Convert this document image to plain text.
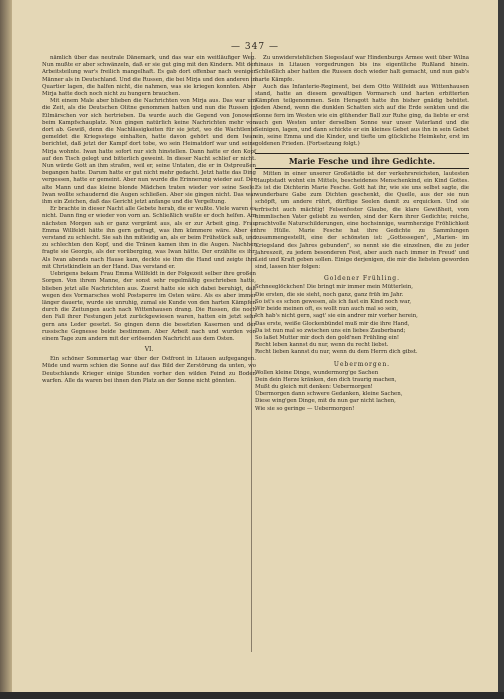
— 347 —

nämlich über das neutrale Dänemark, und das war ein weitläufiger Weg. Nun mußte er aber schwänzeln, daß er sie gut ging mit den Kindern. Mit der Arbeitsteilung war's freilich mangelhaft. Es gab dort offenbar nach weniger Männer als in Deutschland. Und die Russen, die bei Mirja und den anderen in Quartier lagen, die halfen nicht, die nahmen, was sie kriegen konnten. Aber Mirja hatte doch noch nicht zu hungern brauchen.

Mit einem Male aber blieben die Nachrichten von Mirja aus. Das war um die Zeit, als die Deutschen Olitne genommen hatten und nun die Russen in Eilmärschen vor sich hertrieben. Da wurde auch die Gegend von Jonowen beim Kampfschauplatz. Nun gingen natürlich keine Nachrichten mehr von dort ab. Gewiß, denn die Nachlässigkeiten für sie jetzt, wo die Wachtlente gemeldet die Kriegsstege einhalten, hatte davon gehört und dem Iwan berichtet, daß jetzt der Kampf dort tobe, wo sein Heimatdorf war und seine Mirja wohnte. Iwan hatte sofort nur sich hinstellen. Dann hatte er den Kopf auf den Tisch gelegt und bitterlich geweint. In dieser Nacht schlief er nicht. Nun würde Gott an ihm strafen, weil er, seine Untaten, die er in Ostpreußen begangen hatte. Darum hatte er gut nicht mehr gedacht. Jetzt hatte das Ding vergessen, hatte er gemeint. Aber nun wurde die Erinnerung wieder auf. Der alte Mann und das kleine blonde Mädchen traten wieder vor seine Seele. Iwan wollte schaudernd die Augen schließen. Aber sie gingen nicht. Das war ihm ein Zeichen, daß das Gericht jetzt anfange und die Vergeltung.

Er brachte in dieser Nacht alle Gebete herab, die er wußte. Viele waren es nicht. Dann fing er wieder von vorn an. Schließlich wußte er doch helfen. Am nächsten Morgen sah er ganz vergrämt aus, als er zur Arbeit ging. Frau Emma Willfeldt hätte ihn gern gefragt, was ihm kümmere wäre. Aber er verstand zu schlecht. Sie sah ihn mitleidig an, als er beim Frühstück saß, und zu schlechten den Kopf, und die Tränen kamen ihm in die Augen. Nachher fragte sie Georgis, als der vorüberging, was Iwan hätte. Der erzählte es ihr. Als Iwan abends nach Hause kam, deckte sie ihm die Hand und zeigte ihm mit Christkindlein an der Hand. Das verstand er.

Uebrigens bekam Frau Emma Willfeldt in der Folgezeit selber ihre großen Sorgen. Von ihrem Manne, der sonst sehr regelmäßig geschrieben hatte, blieben jetzt alle Nachrichten aus. Zuerst hatte sie sich dabei beruhigt, daß wegen des Vormarsches wohl Postsperre im Osten wäre. Als es aber immer länger dauerte, wurde sie unruhig, zumal sie Kunde von den harten Kämpfen durch die Zeitungen auch nach Wittenhausen drang. Die Russen, die noch den Fall ihrer Festungen jetzt zurückgewiesen waren, hatten ein jetzt sehr gern ans Leder gesetzt. So gingen denn die besetzten Kasernen und der russische Gegnesse beide bestimmen. Aber Arbeit nach und wurden von einem Tage zum andern mit der erlösenden Nachricht aus dem Osten.

VI.

Ein schöner Sommertag war über der Ostfront in Litauen aufgegangen. Müde und warm schien die Sonne auf das Bild der Zerstörung da unten, wo Deutschlands Krieger einige Stunden vorher den wilden Feind zu Boden warfen. Alle da waren bei ihnen den Platz an der Sonne nicht gönnten.

Zu unwiderstehlichen Siegeslauf war Hindenburgs Armee weit über Wilna hinaus in Litauen vorgedrungen bis ins eigentliche Rußland hinein. Schließlich aber hatten die Russen doch wieder halt gemacht, und nun gab's harte Kämpfe.

Auch das Infanterie-Regiment, bei dem Otto Willfeldt aus Wittenhausen stand, hatte an diesem gewaltigen Vormarsch und harten erbitterten Kämpfen teilgenommen. Sein Heragott hatte ihn bisher gnädig behütet. Jeden Abend, wenn die dunklen Schatten sich auf die Erde senkten und die Sonne fern im Westen wie ein glühender Ball zur Ruhe ging, da liebte er erst auch gen Westen unter derselben Sonne war unser Vaterland und die Seinigen, lagen, und dann schickte er ein kleines Gebet aus ihn in sein Gebet ein, seine Emma und die Kinder, und tiefte um glückliche Heimkehr, erst im goldenen Frieden. (Fortsetzung folgt.)

Marie Fesche und ihre Gedichte.

Mitten in einer unserer Großstädte ist der verkehrsreichsten, lautesten Hauptstadt wohnt ein Mittels, bescheidenes Menschenkind, ein Kind Gottes. Es ist die Dichterin Marie Fesche. Gott hat ihr, wie sie uns selbst sagte, die wunderbare Gabe zum Dichten geschenkt, die Quelle, aus der sie nun schöpft, um andere rührt, dürftige Seelen damit zu erquicken. Und sie erfrischt auch mächtig! Felsenfester Glaube, die klare Gewißheit, vom himmlischen Vater geliebt zu werden, sind der Kern ihrer Gedichte; reiche, prachtvolle Naturschilderungen, eine hochsinnige, warmherzige Fröhlichkeit ihre Hülle. Marie Fesche hat ihre Gedichte zu Sammlungen zusammengestellt, eine der schönsten ist: „Gottessegen", „Marien- im Kriegsland des Jahres gebunden", so nennt sie die einzelnen, die zu jeder Jahreszeit, zu jedem besonderen Fest, aber auch nach immer in Freud' und Leid und Kraft geben sollen. Einige derjenigen, die mir die liebsten geworden sind, lassen hier folgen:

Goldener Frühling.

Schneeglöckchen! Die bringt mir immer mein Mütterlein,

Die ersten, die sie sieht, noch ganz, ganz früh im Jahr.

So ist's es schon gewesen, als ich fast ein Kind noch war,

Wir beide meinen oft, es wollt nun auch mal so sein,

Ich hab's nicht gern, sagt' sie ein andrer mir vorher herein,

Das erste, weiße Glockenbündel muß mir die ihre Hand,

Da ist nun mal so zwischen uns ein liebes Zauberband;

So laßet Mutter mir doch den gold'nen Frühling ein!

Recht leben kannst du nur, wenn du recht liebst.

Recht lieben kannst du nur, wenn du dem Herrn dich gibst.

Uebermorgen.

Wollen kleine Dinge, wundermorg'ge Sachen

Dein dein Herze kränken, den dich traurig machen,

Mußt du gleich mit denken: Uebermorgen!

Übermorgen dann schwere Gedanken, kleine Sachen,

Diese wing'gen Dinge, mit du nun gar nicht lachen,

Wie sie so geringe — Uebermorgen!
